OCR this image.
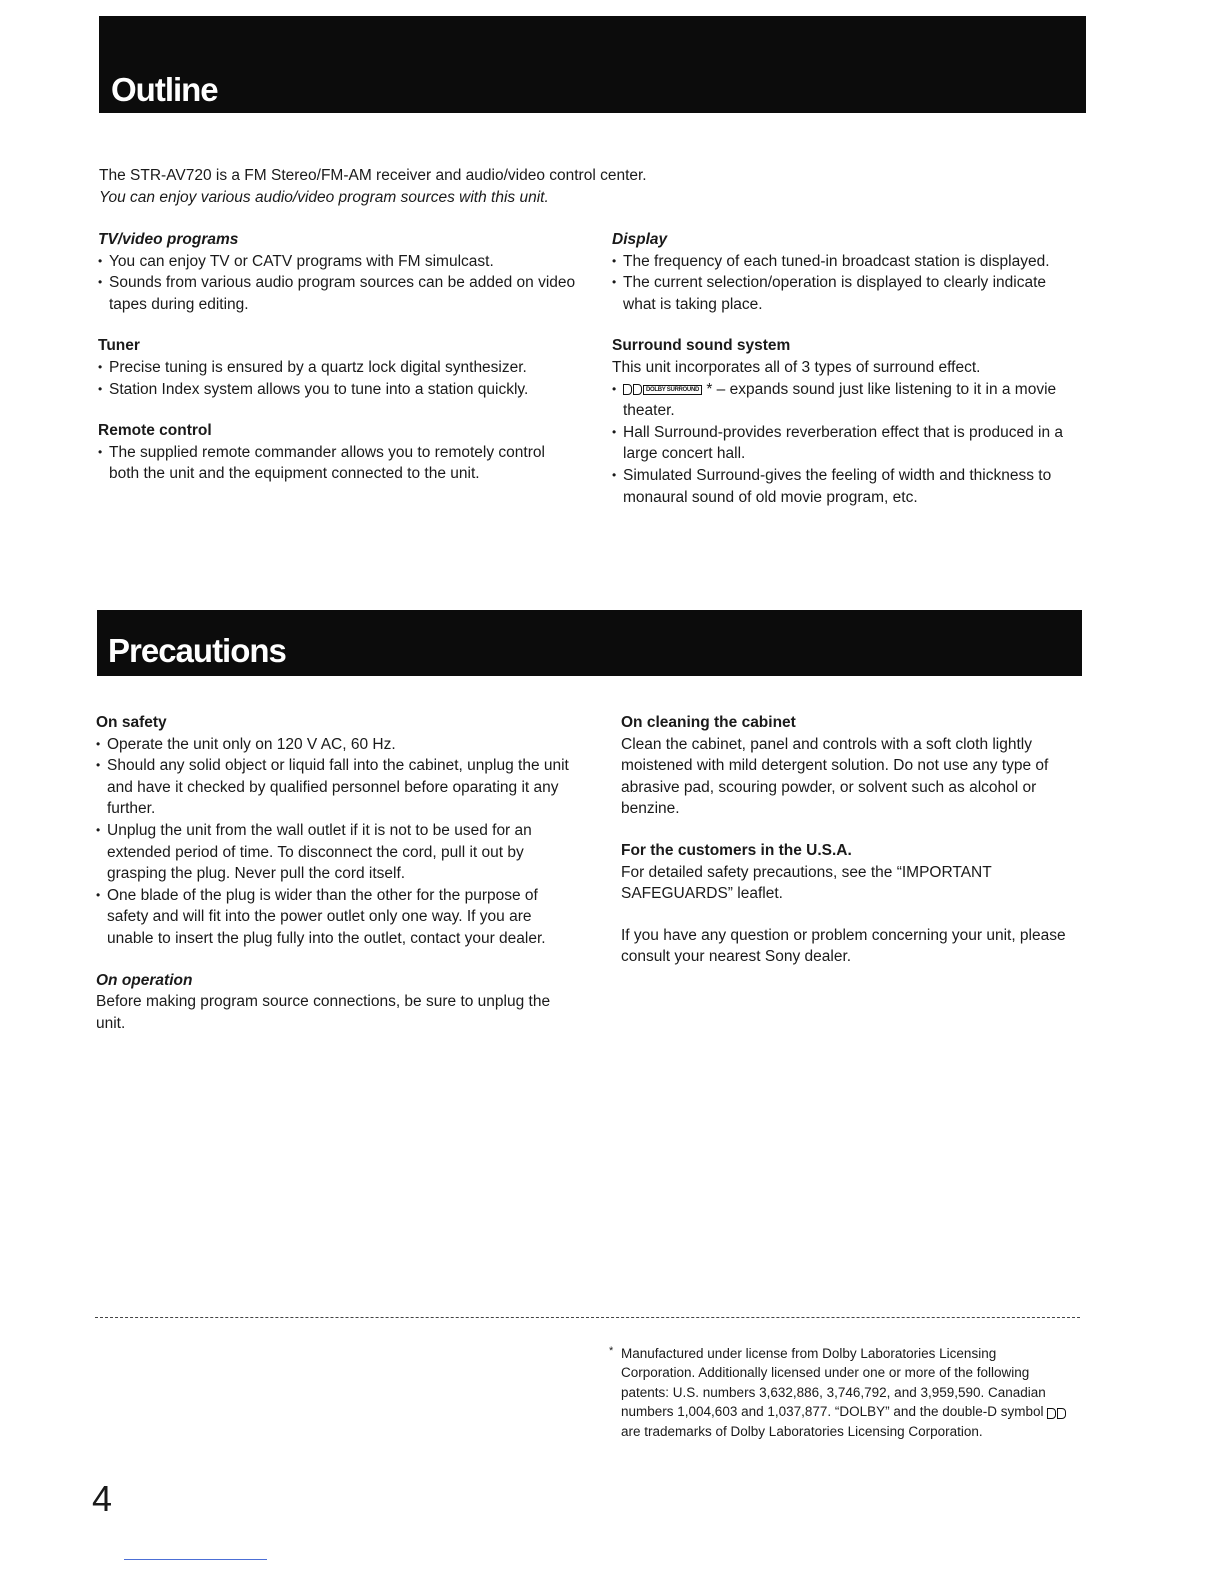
Outline
The STR-AV720 is a FM Stereo/FM-AM receiver and audio/video control center.
You can enjoy various audio/video program sources with this unit.
TV/video programs
• You can enjoy TV or CATV programs with FM simulcast.
• Sounds from various audio program sources can be added on video tapes during editing.
Tuner
• Precise tuning is ensured by a quartz lock digital synthesizer.
• Station Index system allows you to tune into a station quickly.
Remote control
• The supplied remote commander allows you to remotely control both the unit and the equipment connected to the unit.
Display
• The frequency of each tuned-in broadcast station is displayed.
• The current selection/operation is displayed to clearly indicate what is taking place.
Surround sound system

This unit incorporates all of 3 types of surround effect.

• DOLBY SURROUND * – expands sound just like listening to it in a movie theater.
• Hall Surround-provides reverberation effect that is produced in a large concert hall.
• Simulated Surround-gives the feeling of width and thickness to monaural sound of old movie program, etc.
Precautions
On safety
• Operate the unit only on 120 V AC, 60 Hz.
• Should any solid object or liquid fall into the cabinet, unplug the unit and have it checked by qualified personnel before oparating it any further.
• Unplug the unit from the wall outlet if it is not to be used for an extended period of time. To disconnect the cord, pull it out by grasping the plug. Never pull the cord itself.
• One blade of the plug is wider than the other for the purpose of safety and will fit into the power outlet only one way. If you are unable to insert the plug fully into the outlet, contact your dealer.
On operation

Before making program source connections, be sure to unplug the unit.

On cleaning the cabinet

Clean the cabinet, panel and controls with a soft cloth lightly moistened with mild detergent solution. Do not use any type of abrasive pad, scouring powder, or solvent such as alcohol or benzine.

For the customers in the U.S.A.

For detailed safety precautions, see the “IMPORTANT SAFEGUARDS” leaflet.

If you have any question or problem concerning your unit, please consult your nearest Sony dealer.

* Manufactured under license from Dolby Laboratories Licensing Corporation. Additionally licensed under one or more of the following patents: U.S. numbers 3,632,886, 3,746,792, and 3,959,590. Canadian numbers 1,004,603 and 1,037,877. “DOLBY” and the double-D symbol  are trademarks of Dolby Laboratories Licensing Corporation.
4
